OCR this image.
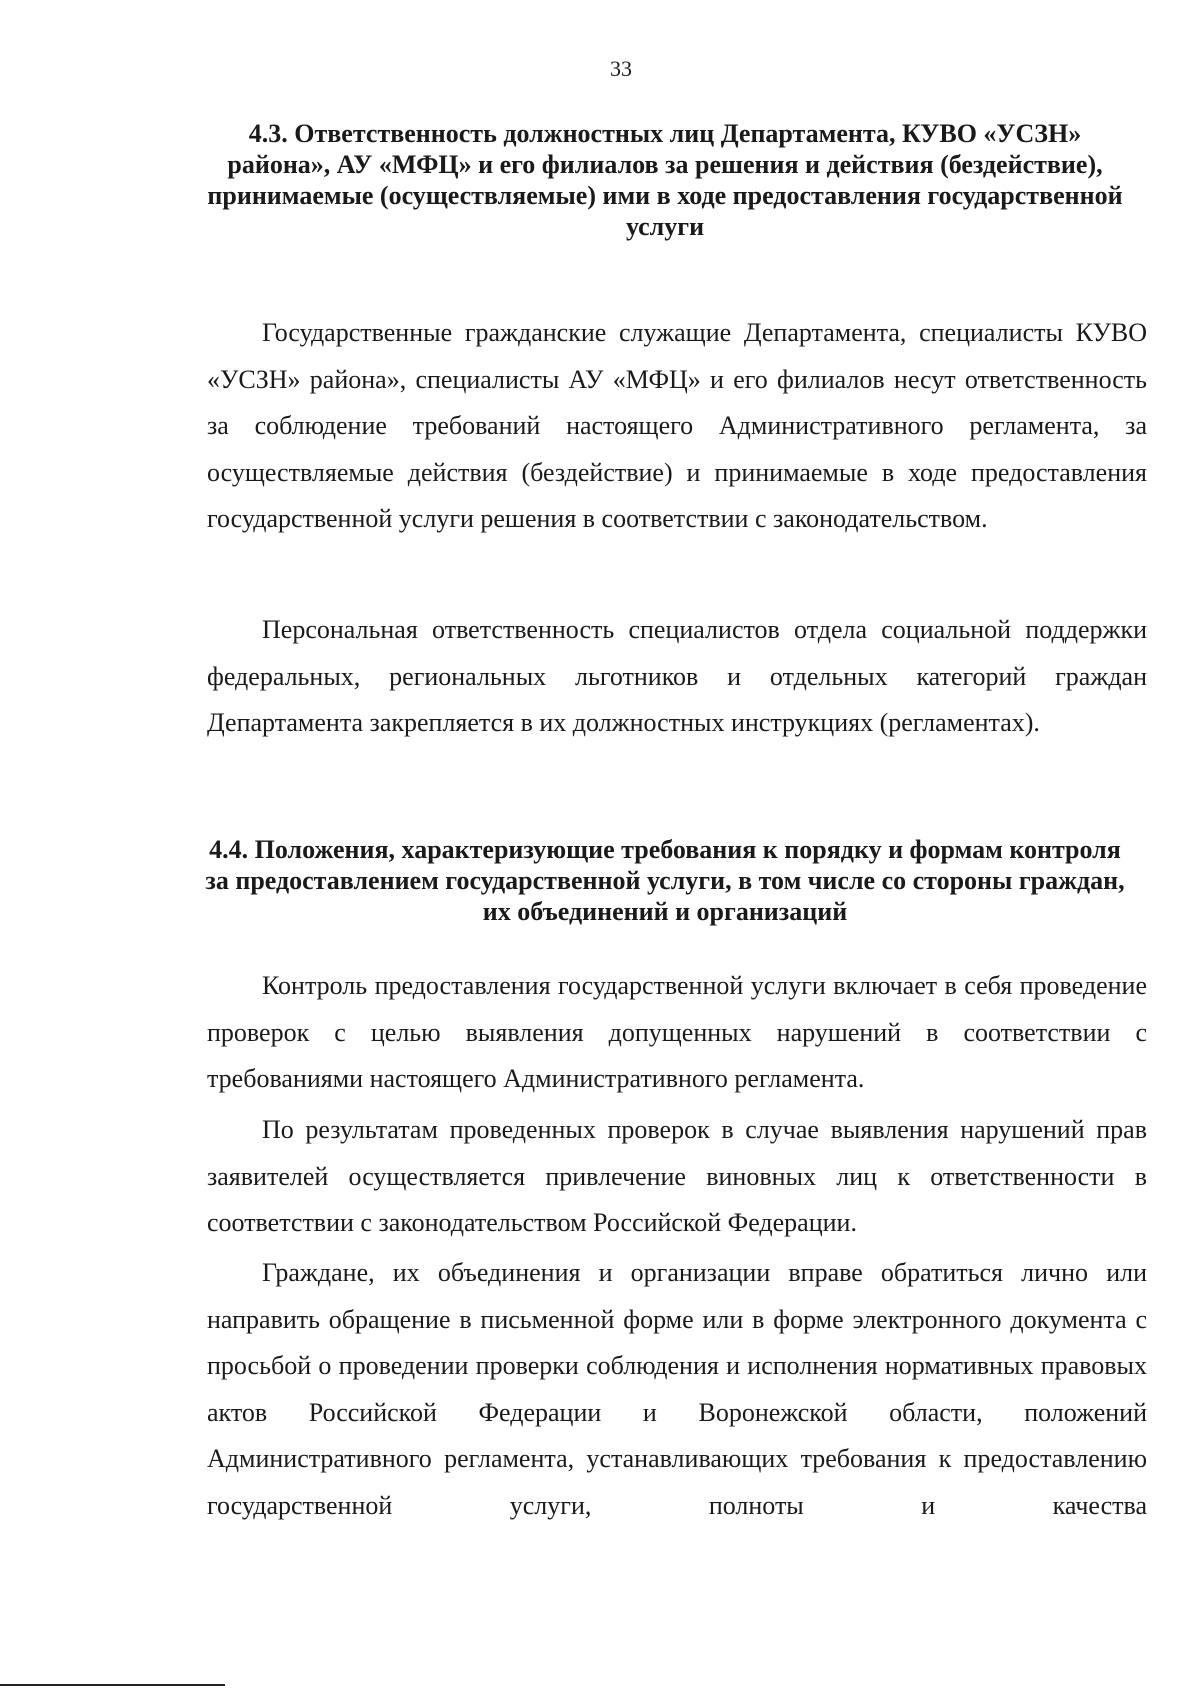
33
4.3. Ответственность должностных лиц Департамента, КУВО «УСЗН» района», АУ «МФЦ» и его филиалов за решения и действия (бездействие), принимаемые (осуществляемые) ими в ходе предоставления государственной услуги

Государственные гражданские служащие Департамента, специалисты КУВО «УСЗН» района», специалисты АУ «МФЦ» и его филиалов несут ответственность за соблюдение требований настоящего Административного регламента, за осуществляемые действия (бездействие) и принимаемые в ходе предоставления государственной услуги решения в соответствии с законодательством.

Персональная ответственность специалистов отдела социальной поддержки федеральных, региональных льготников и отдельных категорий граждан Департамента закрепляется в их должностных инструкциях (регламентах).

4.4. Положения, характеризующие требования к порядку и формам контроля за предоставлением государственной услуги, в том числе со стороны граждан, их объединений и организаций

Контроль предоставления государственной услуги включает в себя проведение проверок с целью выявления допущенных нарушений в соответствии с требованиями настоящего Административного регламента.

По результатам проведенных проверок в случае выявления нарушений прав заявителей осуществляется привлечение виновных лиц к ответственности в соответствии с законодательством Российской Федерации.

Граждане, их объединения и организации вправе обратиться лично или направить обращение в письменной форме или в форме электронного документа с просьбой о проведении проверки соблюдения и исполнения нормативных правовых актов Российской Федерации и Воронежской области, положений Административного регламента, устанавливающих требования к предоставлению государственной услуги, полноты и качества
